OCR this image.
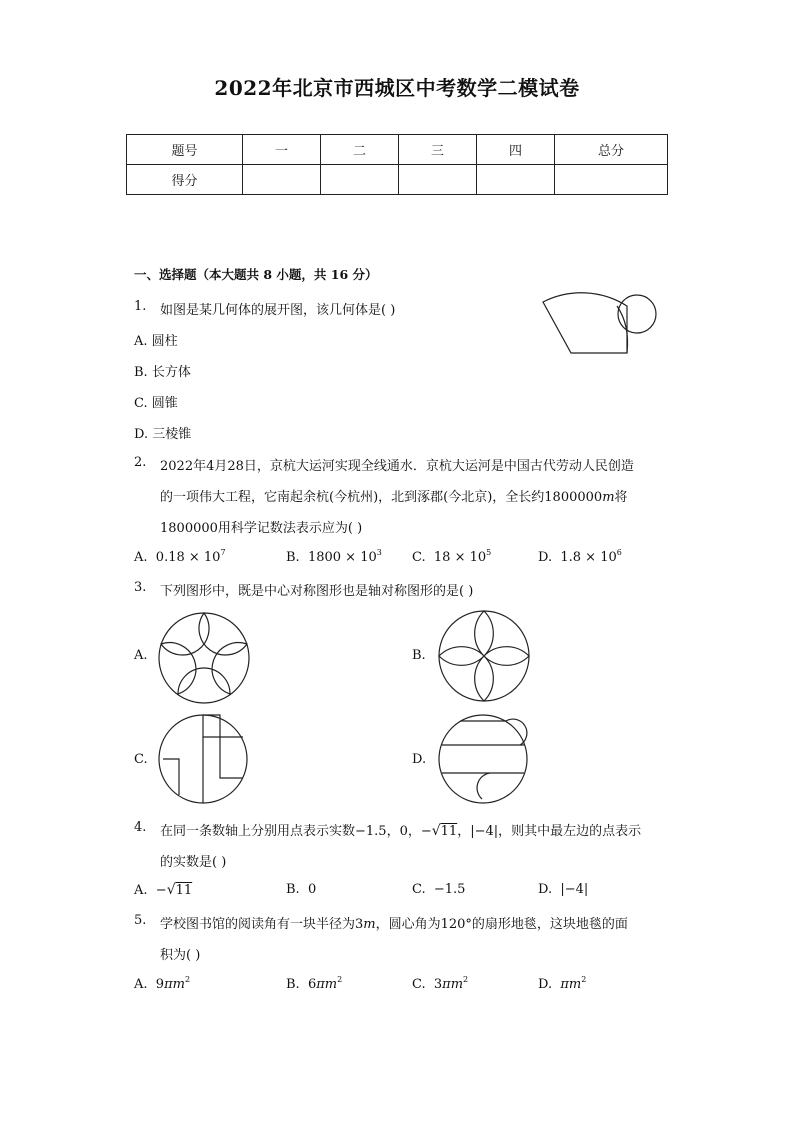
2022年北京市西城区中考数学二模试卷
题号	一	二	三	四	总分
得分					
一、选择题（本大题共 8 小题，共 16 分）
1. 如图是某几何体的展开图，该几何体是( )
A. 圆柱
B. 长方体
C. 圆锥
D. 三棱锥
2. 2022年4月28日，京杭大运河实现全线通水．京杭大运河是中国古代劳动人民创造
的一项伟大工程，它南起余杭(今杭州)，北到涿郡(今北京)，全长约1800000m将
1800000用科学记数法表示应为( )
A. $0.18 \times 10^7$	B. $1800 \times 10^3$ C. $18 \times 10^5$	D. $1.8 \times 10^6$
3. 下列图形中，既是中心对称图形也是轴对称图形的是( )
A.	B.
C.	D.
4. 在同一条数轴上分别用点表示实数−1.5，0，−√11，|−4|，则其中最左边的点表示
的实数是( )
A. −√11	B. 0	C. −1.5	D. |−4|
5. 学校图书馆的阅读角有一块半径为3m，圆心角为120°的扇形地毯，这块地毯的面
积为( )
A. $9\pi m^2$	B. $6\pi m^2$	C. $3\pi m^2$	D. $\pi m^2$
